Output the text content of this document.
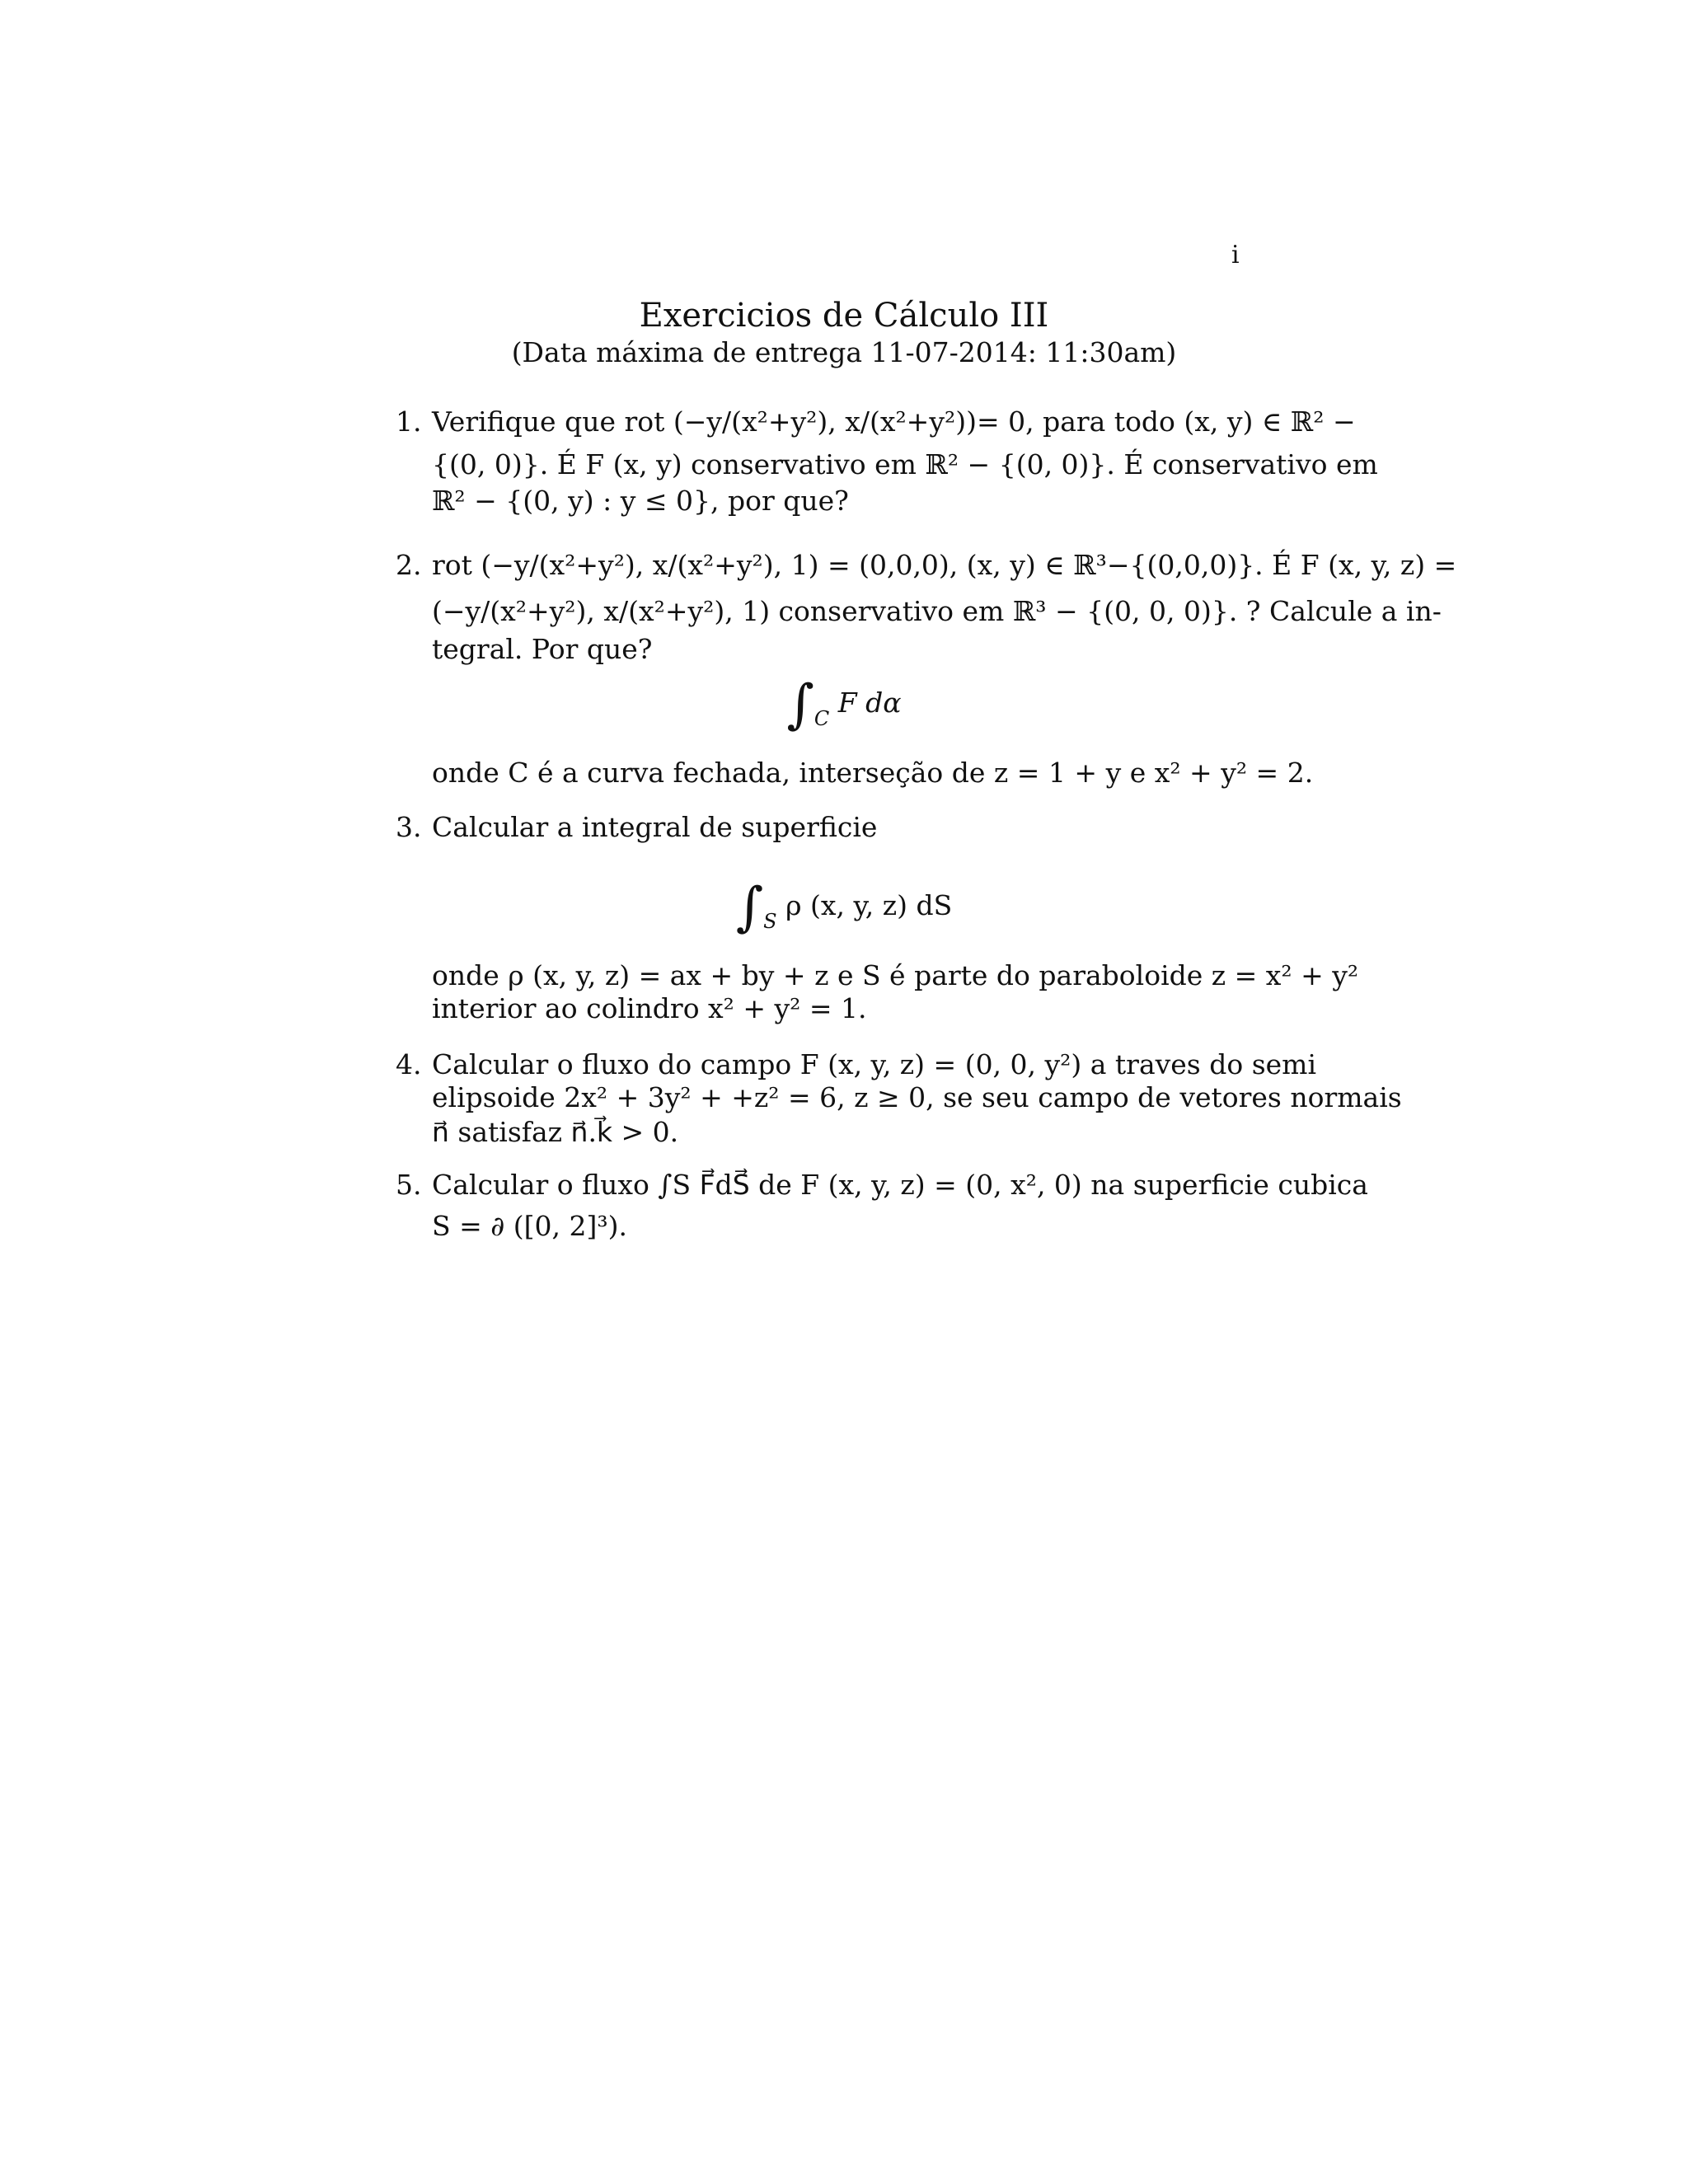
i
Exercicios de Cálculo III
(Data máxima de entrega 11-07-2014: 11:30am)
1. Verifique que rot (−y/(x²+y²), x/(x²+y²)) = 0, para todo (x, y) ∈ ℝ² −
{(0, 0)}. É F (x, y) conservativo em ℝ² − {(0, 0)}. É conservativo em
ℝ² − {(0, y) : y ≤ 0}, por que?
2. rot (−y/(x²+y²), x/(x²+y²), 1) = (0,0,0), (x, y) ∈ ℝ³−{(0,0,0)}. É F (x, y, z) =
(−y/(x²+y²), x/(x²+y²), 1) conservativo em ℝ³ − {(0, 0, 0)}. ? Calcule a in-
tegral. Por que?
$\int_C$ F dα
onde C é a curva fechada, interseção de z = 1 + y e x² + y² = 2.
3. Calcular a integral de superficie
$\int_S$ ρ (x, y, z) dS
onde ρ (x, y, z) = ax + by + z e S é parte do paraboloide z = x² + y²
interior ao colindro x² + y² = 1.
4. Calcular o fluxo do campo F (x, y, z) = (0, 0, y²) a traves do semi
elipsoide 2x² + 3y² + +z² = 6, z ≥ 0, se seu campo de vetores normais
n⃗ satisfaz n⃗.k⃗ > 0.
5. Calcular o fluxo ∫S F⃗dS⃗ de F (x, y, z) = (0, x², 0) na superficie cubica
S = ∂ ([0, 2]³).
